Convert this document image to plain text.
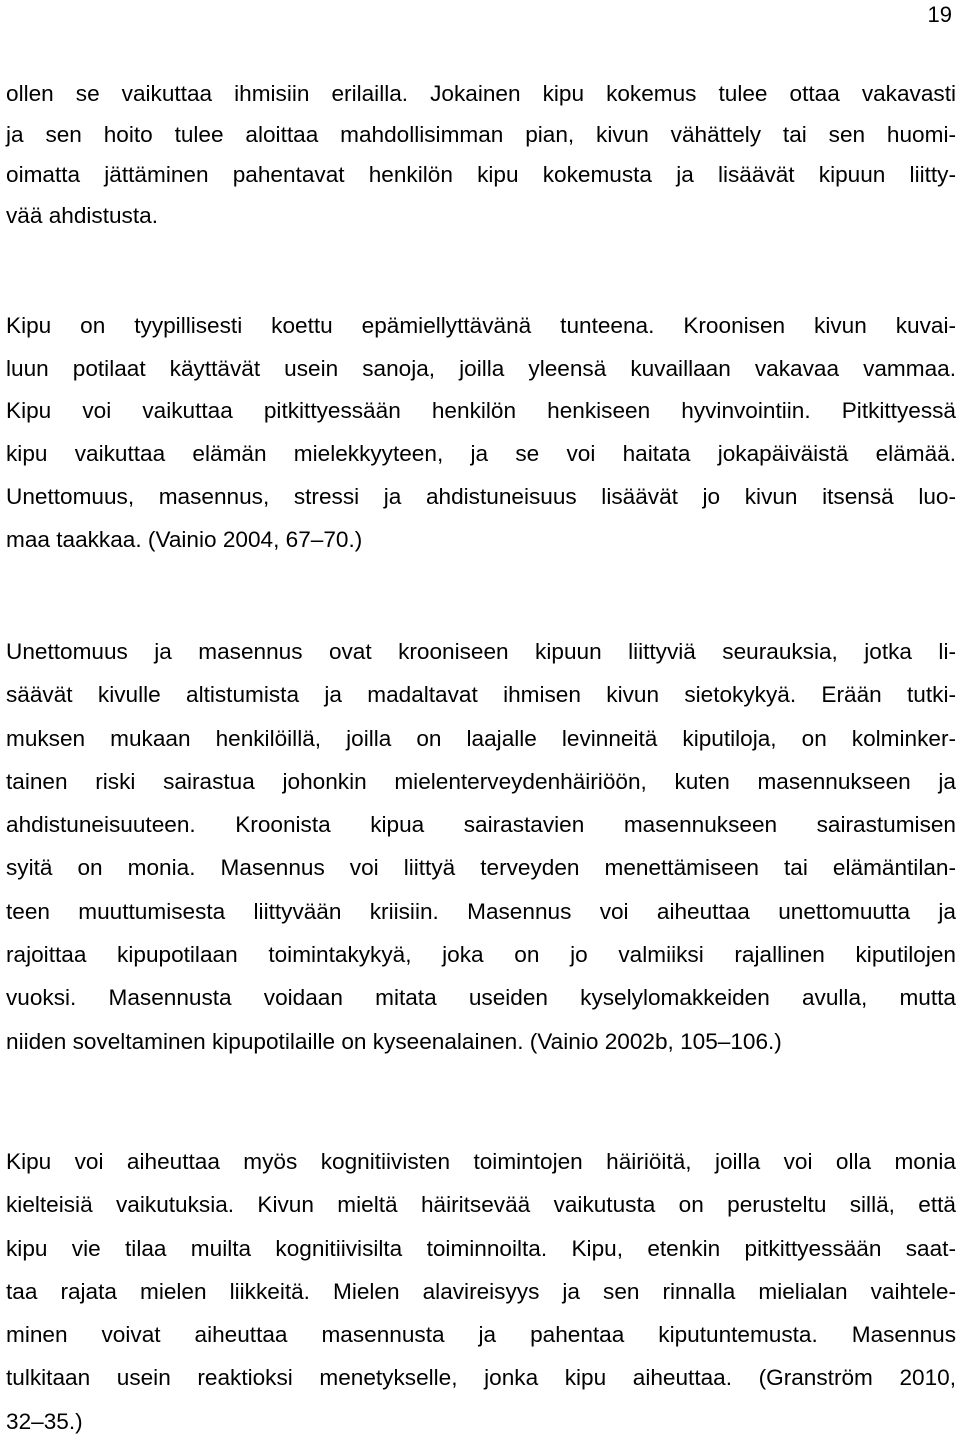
19
ollen se vaikuttaa ihmisiin erilailla. Jokainen kipu kokemus tulee ottaa vakavasti
ja sen hoito tulee aloittaa mahdollisimman pian, kivun vähättely tai sen huomi-
oimatta jättäminen pahentavat henkilön kipu kokemusta ja lisäävät kipuun liitty-
vää ahdistusta.
Kipu on tyypillisesti koettu epämiellyttävänä tunteena. Kroonisen kivun kuvai-
luun potilaat käyttävät usein sanoja, joilla yleensä kuvaillaan vakavaa vammaa.
Kipu voi vaikuttaa pitkittyessään henkilön henkiseen hyvinvointiin. Pitkittyessä
kipu vaikuttaa elämän mielekkyyteen, ja se voi haitata jokapäiväistä elämää.
Unettomuus, masennus, stressi ja ahdistuneisuus lisäävät jo kivun itsensä luo-
maa taakkaa. (Vainio 2004, 67–70.)
Unettomuus ja masennus ovat krooniseen kipuun liittyviä seurauksia, jotka li-
säävät kivulle altistumista ja madaltavat ihmisen kivun sietokykyä. Erään tutki-
muksen mukaan henkilöillä, joilla on laajalle levinneitä kiputiloja, on kolminker-
tainen riski sairastua johonkin mielenterveydenhäiriöön, kuten masennukseen ja
ahdistuneisuuteen. Kroonista kipua sairastavien masennukseen sairastumisen
syitä on monia. Masennus voi liittyä terveyden menettämiseen tai elämäntilan-
teen muuttumisesta liittyvään kriisiin. Masennus voi aiheuttaa unettomuutta ja
rajoittaa kipupotilaan toimintakykyä, joka on jo valmiiksi rajallinen kiputilojen
vuoksi. Masennusta voidaan mitata useiden kyselylomakkeiden avulla, mutta
niiden soveltaminen kipupotilaille on kyseenalainen. (Vainio 2002b, 105–106.)
Kipu voi aiheuttaa myös kognitiivisten toimintojen häiriöitä, joilla voi olla monia
kielteisiä vaikutuksia. Kivun mieltä häiritsevää vaikutusta on perusteltu sillä, että
kipu vie tilaa muilta kognitiivisilta toiminnoilta. Kipu, etenkin pitkittyessään saat-
taa rajata mielen liikkeitä. Mielen alavireisyys ja sen rinnalla mielialan vaihtele-
minen voivat aiheuttaa masennusta ja pahentaa kiputuntemusta. Masennus
tulkitaan usein reaktioksi menetykselle, jonka kipu aiheuttaa. (Granström 2010,
32–35.)
